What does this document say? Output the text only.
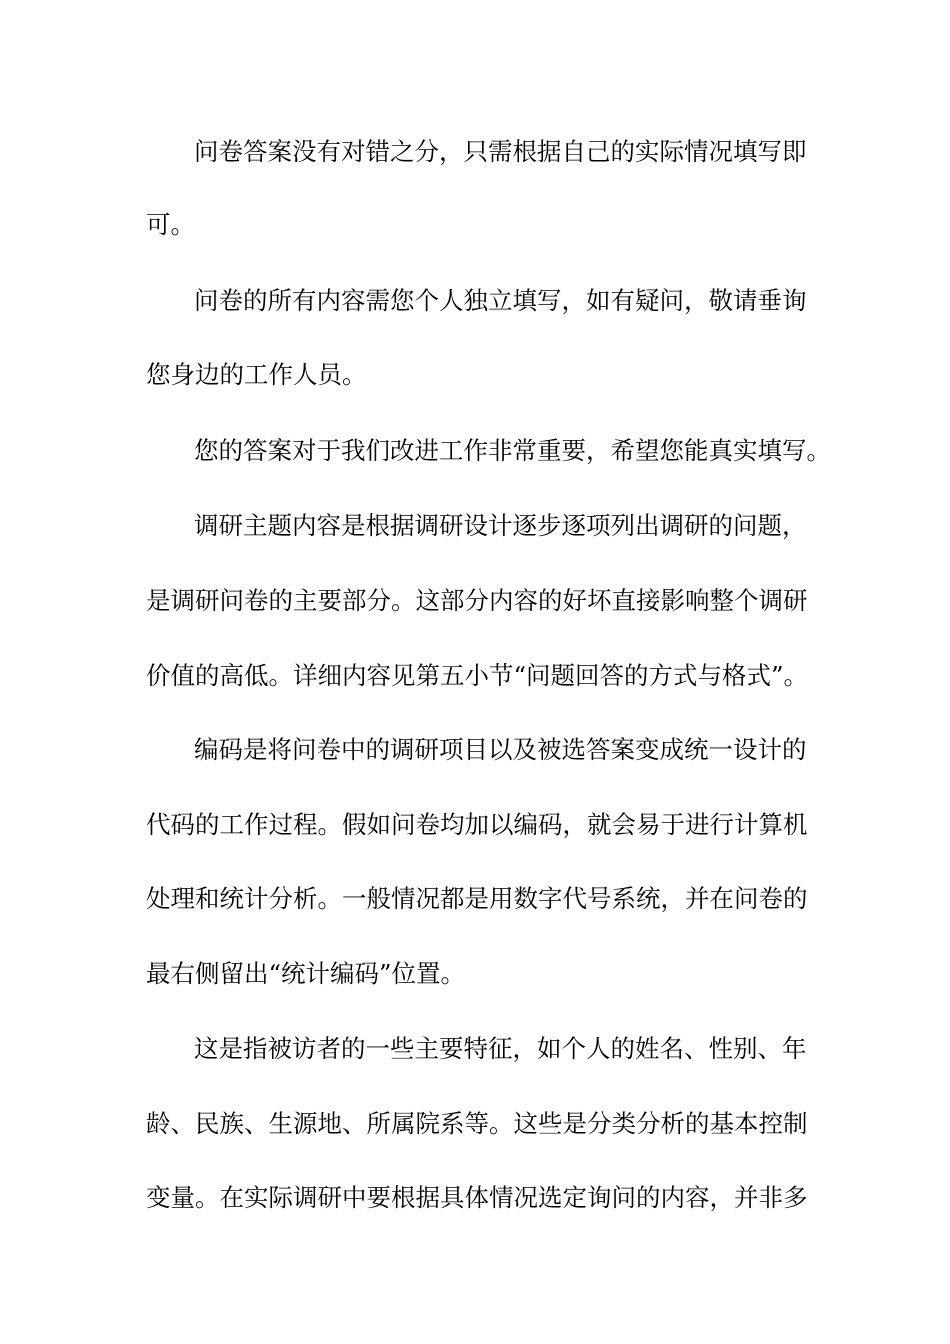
问卷答案没有对错之分，只需根据自己的实际情况填写即
可。
问卷的所有内容需您个人独立填写，如有疑问，敬请垂询
您身边的工作人员。
您的答案对于我们改进工作非常重要，希望您能真实填写。
调研主题内容是根据调研设计逐步逐项列出调研的问题，
是调研问卷的主要部分。这部分内容的好坏直接影响整个调研
价值的高低。详细内容见第五小节“问题回答的方式与格式”。
编码是将问卷中的调研项目以及被选答案变成统一设计的
代码的工作过程。假如问卷均加以编码，就会易于进行计算机
处理和统计分析。一般情况都是用数字代号系统，并在问卷的
最右侧留出“统计编码”位置。
这是指被访者的一些主要特征，如个人的姓名、性别、年
龄、民族、生源地、所属院系等。这些是分类分析的基本控制
变量。在实际调研中要根据具体情况选定询问的内容，并非多
